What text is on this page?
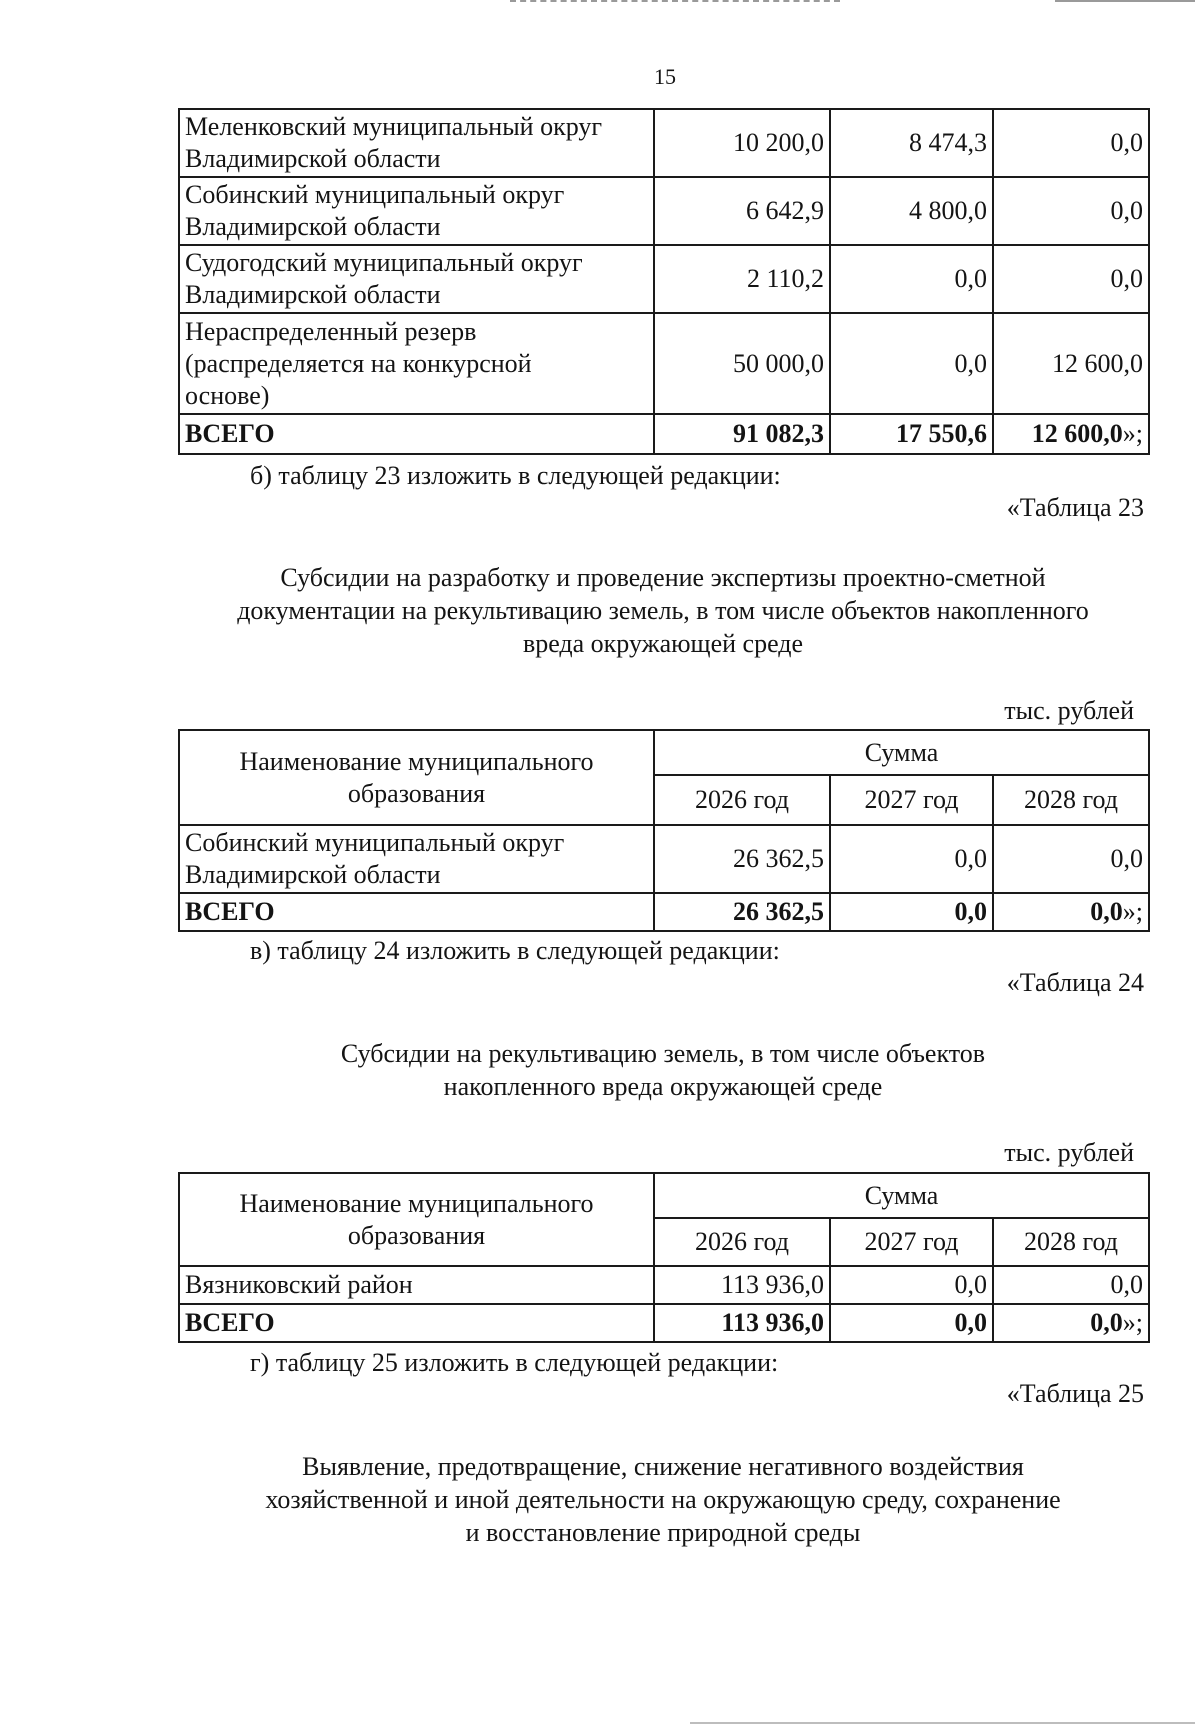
15
Меленковский муниципальный округ
Владимирской области	10 200,0	8 474,3	0,0
Собинский муниципальный округ
Владимирской области	6 642,9	4 800,0	0,0
Судогодский муниципальный округ
Владимирской области	2 110,2	0,0	0,0
Нераспределенный резерв
(распределяется на конкурсной
основе)	50 000,0	0,0	12 600,0
ВСЕГО	91 082,3	17 550,6	12 600,0»;
б) таблицу 23 изложить в следующей редакции:
«Таблица 23
Субсидии на разработку и проведение экспертизы проектно-сметной
документации на рекультивацию земель, в том числе объектов накопленного
вреда окружающей среде
тыс. рублей
Наименование муниципального
образования	Сумма		
	2026 год	2027 год	2028 год
Собинский муниципальный округ
Владимирской области	26 362,5	0,0	0,0
ВСЕГО	26 362,5	0,0	0,0»;
в) таблицу 24 изложить в следующей редакции:
«Таблица 24
Субсидии на рекультивацию земель, в том числе объектов
накопленного вреда окружающей среде
тыс. рублей
Наименование муниципального
образования	Сумма		
	2026 год	2027 год	2028 год
Вязниковский район	113 936,0	0,0	0,0
ВСЕГО	113 936,0	0,0	0,0»;
г) таблицу 25 изложить в следующей редакции:
«Таблица 25
Выявление, предотвращение, снижение негативного воздействия
хозяйственной и иной деятельности на окружающую среду, сохранение
и восстановление природной среды
